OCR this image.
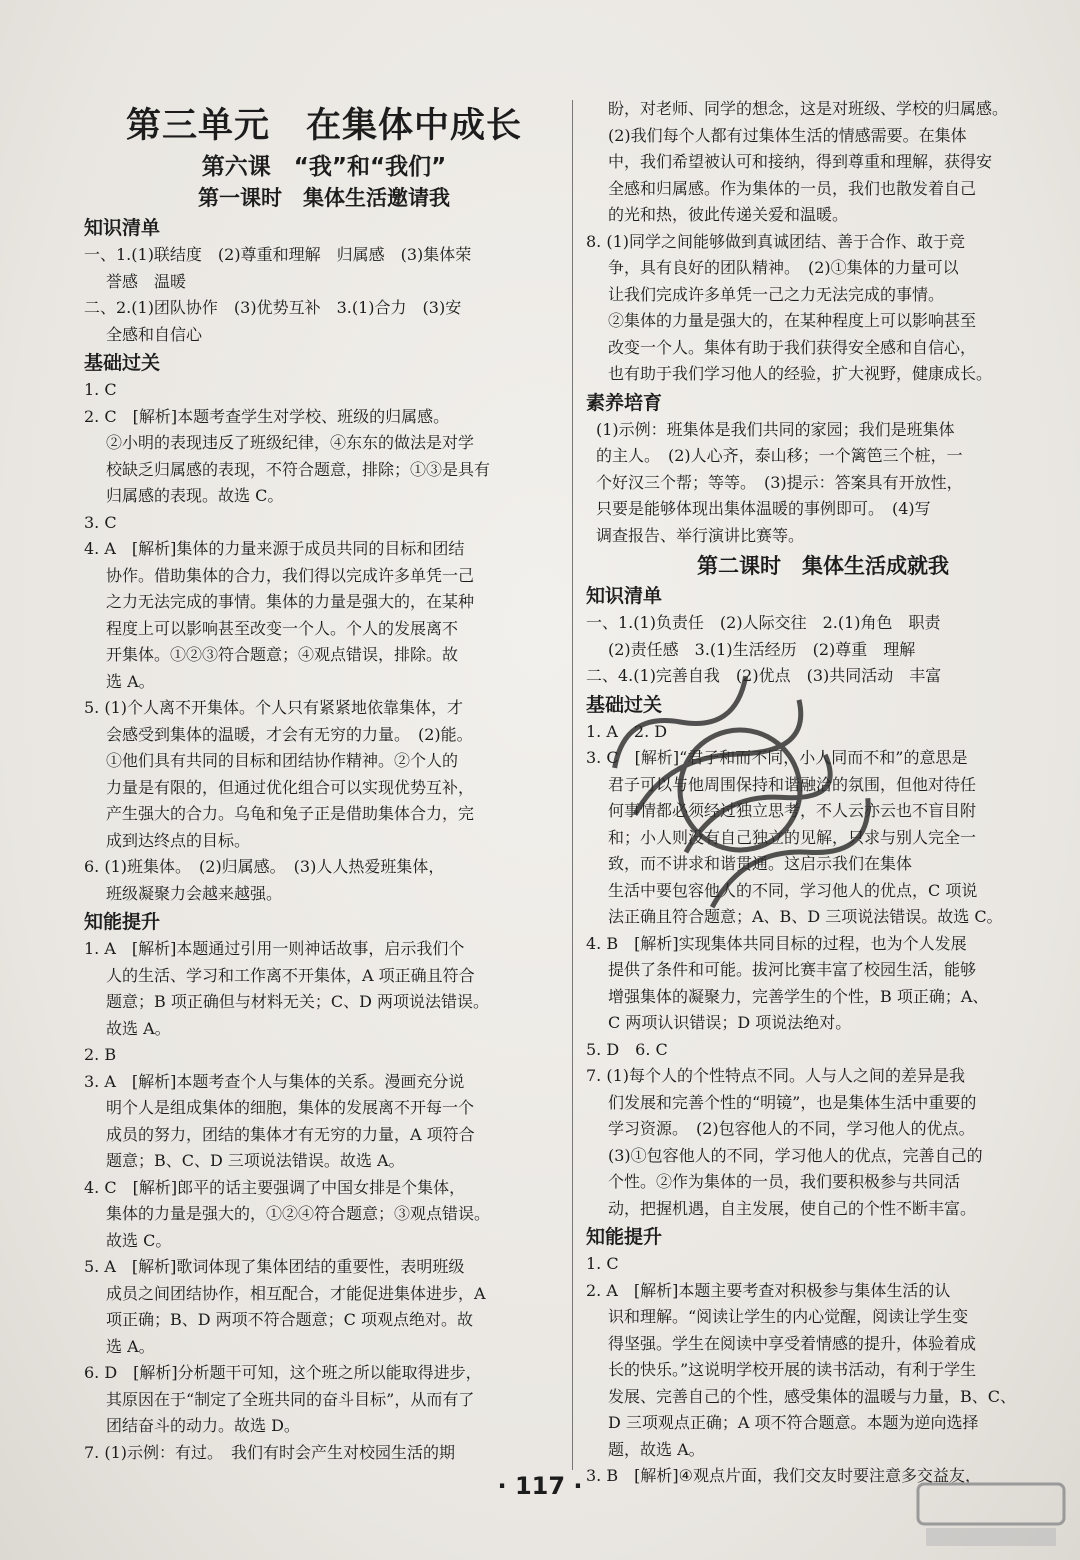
第三单元　在集体中成长
第六课　“我”和“我们”
第一课时　集体生活邀请我
知识清单
一、1.(1)联结度　(2)尊重和理解　归属感　(3)集体荣
誉感　温暖
二、2.(1)团队协作　(3)优势互补　3.(1)合力　(3)安
全感和自信心
基础过关
1. C
2. C　[解析]本题考查学生对学校、班级的归属感。
②小明的表现违反了班级纪律，④东东的做法是对学
校缺乏归属感的表现，不符合题意，排除；①③是具有
归属感的表现。故选 C。
3. C
4. A　[解析]集体的力量来源于成员共同的目标和团结
协作。借助集体的合力，我们得以完成许多单凭一己
之力无法完成的事情。集体的力量是强大的，在某种
程度上可以影响甚至改变一个人。个人的发展离不
开集体。①②③符合题意；④观点错误，排除。故
选 A。
5. (1)个人离不开集体。个人只有紧紧地依靠集体，才
会感受到集体的温暖，才会有无穷的力量。　(2)能。
①他们具有共同的目标和团结协作精神。②个人的
力量是有限的，但通过优化组合可以实现优势互补，
产生强大的合力。乌龟和兔子正是借助集体合力，完
成到达终点的目标。
6. (1)班集体。　(2)归属感。　(3)人人热爱班集体，
班级凝聚力会越来越强。
知能提升
1. A　[解析]本题通过引用一则神话故事，启示我们个
人的生活、学习和工作离不开集体，A 项正确且符合
题意；B 项正确但与材料无关；C、D 两项说法错误。
故选 A。
2. B
3. A　[解析]本题考查个人与集体的关系。漫画充分说
明个人是组成集体的细胞，集体的发展离不开每一个
成员的努力，团结的集体才有无穷的力量，A 项符合
题意；B、C、D 三项说法错误。故选 A。
4. C　[解析]郎平的话主要强调了中国女排是个集体，
集体的力量是强大的，①②④符合题意；③观点错误。
故选 C。
5. A　[解析]歌词体现了集体团结的重要性，表明班级
成员之间团结协作，相互配合，才能促进集体进步，A
项正确；B、D 两项不符合题意；C 项观点绝对。故
选 A。
6. D　[解析]分析题干可知，这个班之所以能取得进步，
其原因在于“制定了全班共同的奋斗目标”，从而有了
团结奋斗的动力。故选 D。
7. (1)示例：有过。　我们有时会产生对校园生活的期
盼，对老师、同学的想念，这是对班级、学校的归属感。
(2)我们每个人都有过集体生活的情感需要。在集体
中，我们希望被认可和接纳，得到尊重和理解，获得安
全感和归属感。作为集体的一员，我们也散发着自己
的光和热，彼此传递关爱和温暖。
8. (1)同学之间能够做到真诚团结、善于合作、敢于竞
争，具有良好的团队精神。　(2)①集体的力量可以
让我们完成许多单凭一己之力无法完成的事情。
②集体的力量是强大的，在某种程度上可以影响甚至
改变一个人。集体有助于我们获得安全感和自信心，
也有助于我们学习他人的经验，扩大视野，健康成长。
素养培育
(1)示例：班集体是我们共同的家园；我们是班集体
的主人。　(2)人心齐，泰山移；一个篱笆三个桩，一
个好汉三个帮；等等。　(3)提示：答案具有开放性，
只要是能够体现出集体温暖的事例即可。　(4)写
调查报告、举行演讲比赛等。
第二课时　集体生活成就我
知识清单
一、1.(1)负责任　(2)人际交往　2.(1)角色　职责
(2)责任感　3.(1)生活经历　(2)尊重　理解
二、4.(1)完善自我　(2)优点　(3)共同活动　丰富
基础过关
1. A　2. D
3. C　[解析]“君子和而不同，小人同而不和”的意思是
君子可以与他周围保持和谐融洽的氛围，但他对待任
何事情都必须经过独立思考，不人云亦云也不盲目附
和；小人则没有自己独立的见解，只求与别人完全一
致，而不讲求和谐贯通。这启示我们在集体
生活中要包容他人的不同，学习他人的优点，C 项说
法正确且符合题意；A、B、D 三项说法错误。故选 C。
4. B　[解析]实现集体共同目标的过程，也为个人发展
提供了条件和可能。拔河比赛丰富了校园生活，能够
增强集体的凝聚力，完善学生的个性，B 项正确；A、
C 两项认识错误；D 项说法绝对。
5. D　6. C
7. (1)每个人的个性特点不同。人与人之间的差异是我
们发展和完善个性的“明镜”，也是集体生活中重要的
学习资源。　(2)包容他人的不同，学习他人的优点。
(3)①包容他人的不同，学习他人的优点，完善自己的
个性。②作为集体的一员，我们要积极参与共同活
动，把握机遇，自主发展，使自己的个性不断丰富。
知能提升
1. C
2. A　[解析]本题主要考查对积极参与集体生活的认
识和理解。“阅读让学生的内心觉醒，阅读让学生变
得坚强。学生在阅读中享受着情感的提升，体验着成
长的快乐。”这说明学校开展的读书活动，有利于学生
发展、完善自己的个性，感受集体的温暖与力量，B、C、
D 三项观点正确；A 项不符合题意。本题为逆向选择
题，故选 A。
3. B　[解析]④观点片面，我们交友时要注意多交益友，
· 117 ·
